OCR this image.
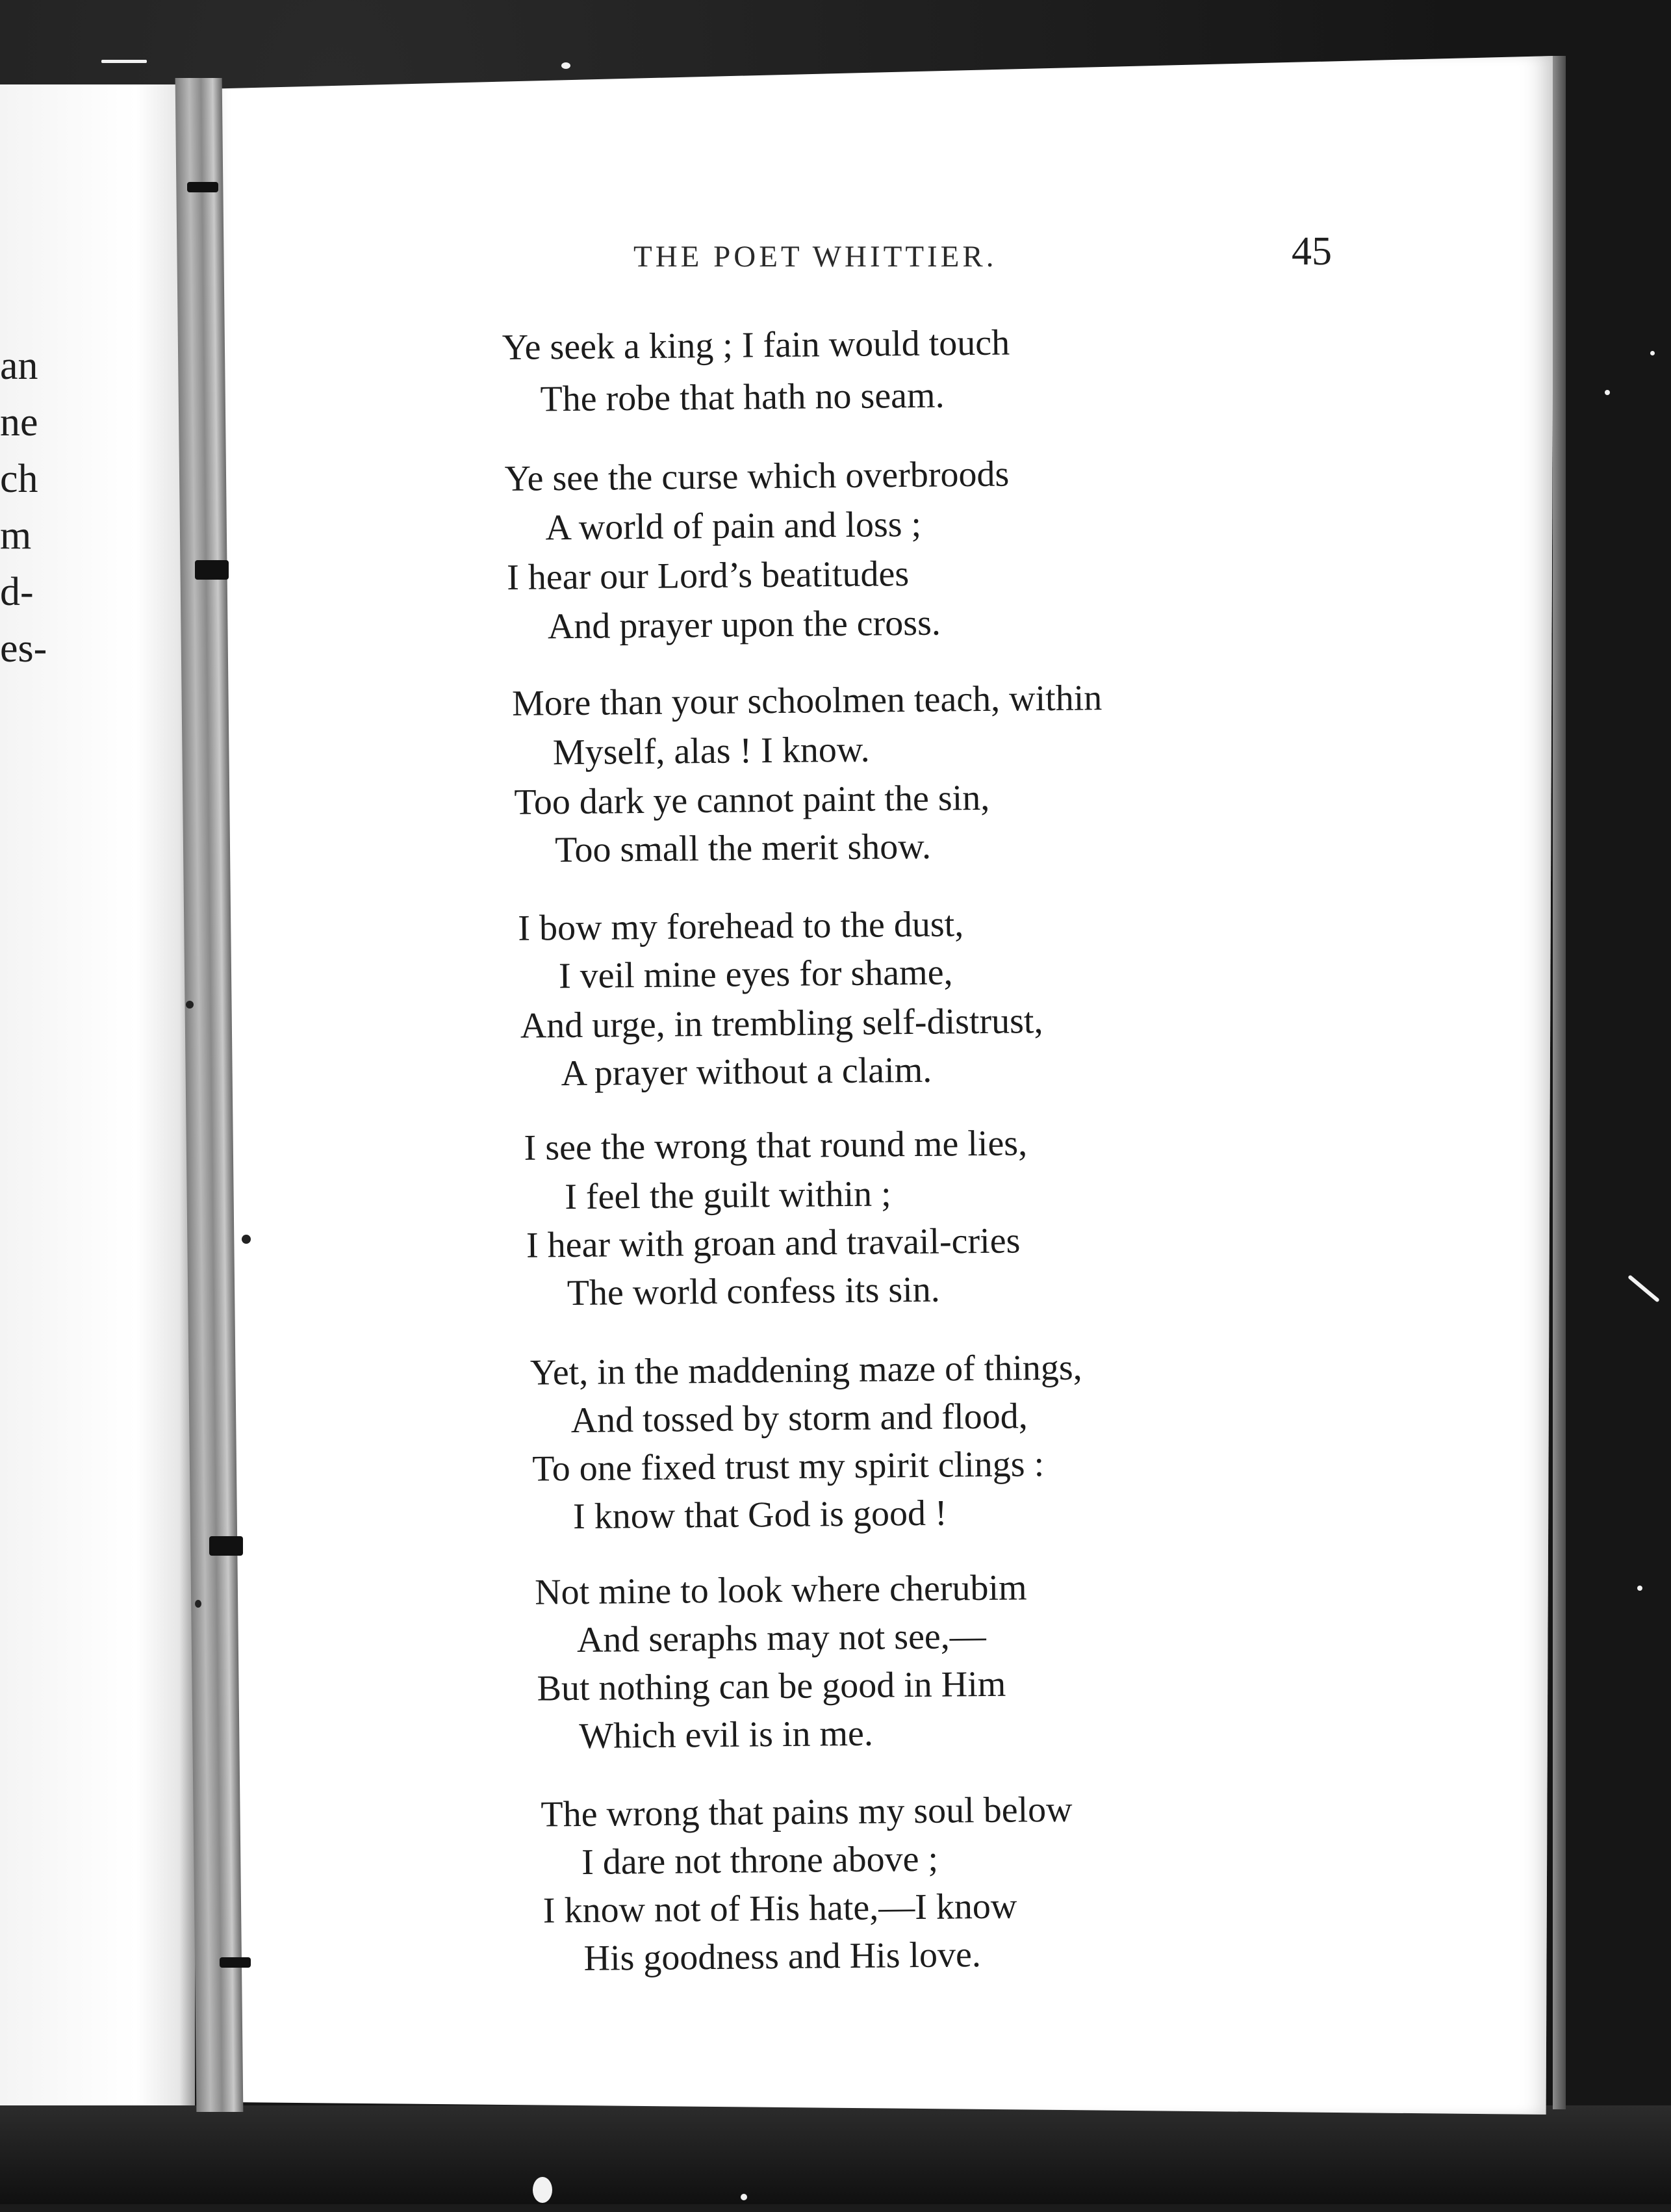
an
ne
ch
m
d-
es-
THE POET WHITTIER.	45
Ye seek a king ; I fain would touch
The robe that hath no seam.
Ye see the curse which overbroods
A world of pain and loss ;
I hear our Lord’s beatitudes
And prayer upon the cross.
More than your schoolmen teach, within
Myself, alas ! I know.
Too dark ye cannot paint the sin,
Too small the merit show.
I bow my forehead to the dust,
I veil mine eyes for shame,
And urge, in trembling self-distrust,
A prayer without a claim.
I see the wrong that round me lies,
I feel the guilt within ;
I hear with groan and travail-cries
The world confess its sin.
Yet, in the maddening maze of things,
And tossed by storm and flood,
To one fixed trust my spirit clings :
I know that God is good !
Not mine to look where cherubim
And seraphs may not see,—
But nothing can be good in Him
Which evil is in me.
The wrong that pains my soul below
I dare not throne above ;
I know not of His hate,—I know
His goodness and His love.
